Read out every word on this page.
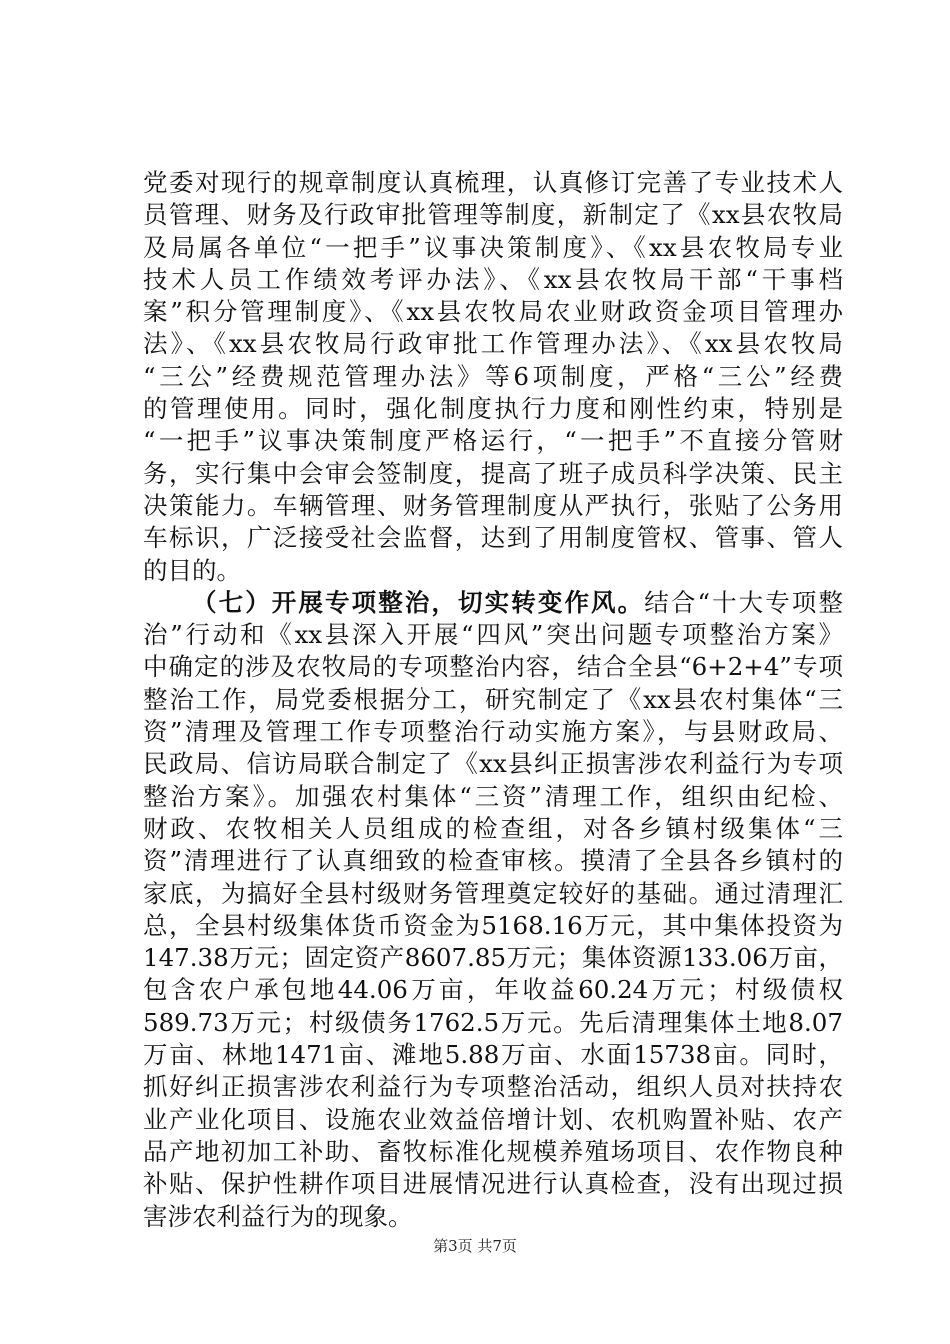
党委对现行的规章制度认真梳理，认真修订完善了专业技术人
员管理、财务及行政审批管理等制度，新制定了《xx县农牧局
及局属各单位“一把手”议事决策制度》、《xx县农牧局专业
技术人员工作绩效考评办法》、《xx县农牧局干部“干事档
案”积分管理制度》、《xx县农牧局农业财政资金项目管理办
法》、《xx县农牧局行政审批工作管理办法》、《xx县农牧局
“三公”经费规范管理办法》等6项制度，严格“三公”经费
的管理使用。同时，强化制度执行力度和刚性约束，特别是
“一把手”议事决策制度严格运行，“一把手”不直接分管财
务，实行集中会审会签制度，提高了班子成员科学决策、民主
决策能力。车辆管理、财务管理制度从严执行，张贴了公务用
车标识，广泛接受社会监督，达到了用制度管权、管事、管人
的目的。
（七）开展专项整治，切实转变作风。结合“十大专项整
治”行动和《xx县深入开展“四风”突出问题专项整治方案》
中确定的涉及农牧局的专项整治内容，结合全县“6+2+4”专项
整治工作，局党委根据分工，研究制定了《xx县农村集体“三
资”清理及管理工作专项整治行动实施方案》，与县财政局、
民政局、信访局联合制定了《xx县纠正损害涉农利益行为专项
整治方案》。加强农村集体“三资”清理工作，组织由纪检、
财政、农牧相关人员组成的检查组，对各乡镇村级集体“三
资”清理进行了认真细致的检查审核。摸清了全县各乡镇村的
家底，为搞好全县村级财务管理奠定较好的基础。通过清理汇
总，全县村级集体货币资金为5168.16万元，其中集体投资为
147.38万元；固定资产8607.85万元；集体资源133.06万亩，
包含农户承包地44.06万亩，年收益60.24万元；村级债权
589.73万元；村级债务1762.5万元。先后清理集体土地8.07
万亩、林地1471亩、滩地5.88万亩、水面15738亩。同时，
抓好纠正损害涉农利益行为专项整治活动，组织人员对扶持农
业产业化项目、设施农业效益倍增计划、农机购置补贴、农产
品产地初加工补助、畜牧标准化规模养殖场项目、农作物良种
补贴、保护性耕作项目进展情况进行认真检查，没有出现过损
害涉农利益行为的现象。
第3页 共7页
